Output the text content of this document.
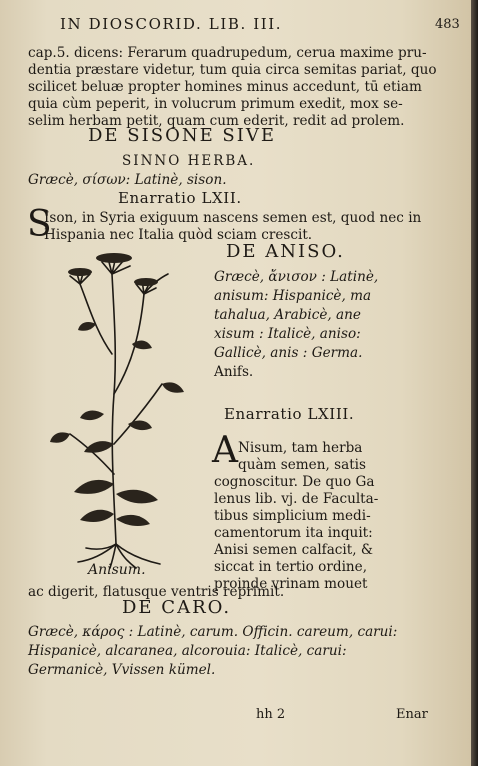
IN DIOSCORID. LIB. III.	483
cap.5. dicens: Ferarum quadrupedum, cerua maxime pru-
dentia præstare videtur, tum quia circa semitas pariat, quo
scilicet beluæ propter homines minus accedunt, tū etiam
quia cùm peperit, in volucrum primum exedit, mox se-
selim herbam petit, quam cum ederit, redit ad prolem.
DE SISONE SIVE
SINNO HERBA.
Græcè, σίσων: Latinè, sison.
Enarratio LXII.
S
Ison, in Syria exiguum nascens semen est, quod nec in
Hispania nec Italia quòd sciam crescit.
DE ANISO.
Græcè, ἄνισον : Latinè,
anisum: Hispanicè, ma
tahalua, Arabicè, ane
xisum : Italicè, aniso:
Gallicè, anis : Germa.
Anifs.
Enarratio LXIII.
A Nisum, tam herba
quàm semen, satis
cognoscitur. De quo Ga
lenus lib. vj. de Faculta-
tibus simplicium medi-
camentorum ita inquit:
Anisi semen calfacit, &
siccat in tertio ordine,
proinde vrinam mouet
Anisum.
ac digerit, flatusque ventris reprimit.
DE CARO.
Græcè, κάρος : Latinè, carum. Officin. careum, carui:
Hispanicè, alcaranea, alcorouia: Italicè, carui:
Germanicè, Vvissen kümel.
hh 2	Enar
